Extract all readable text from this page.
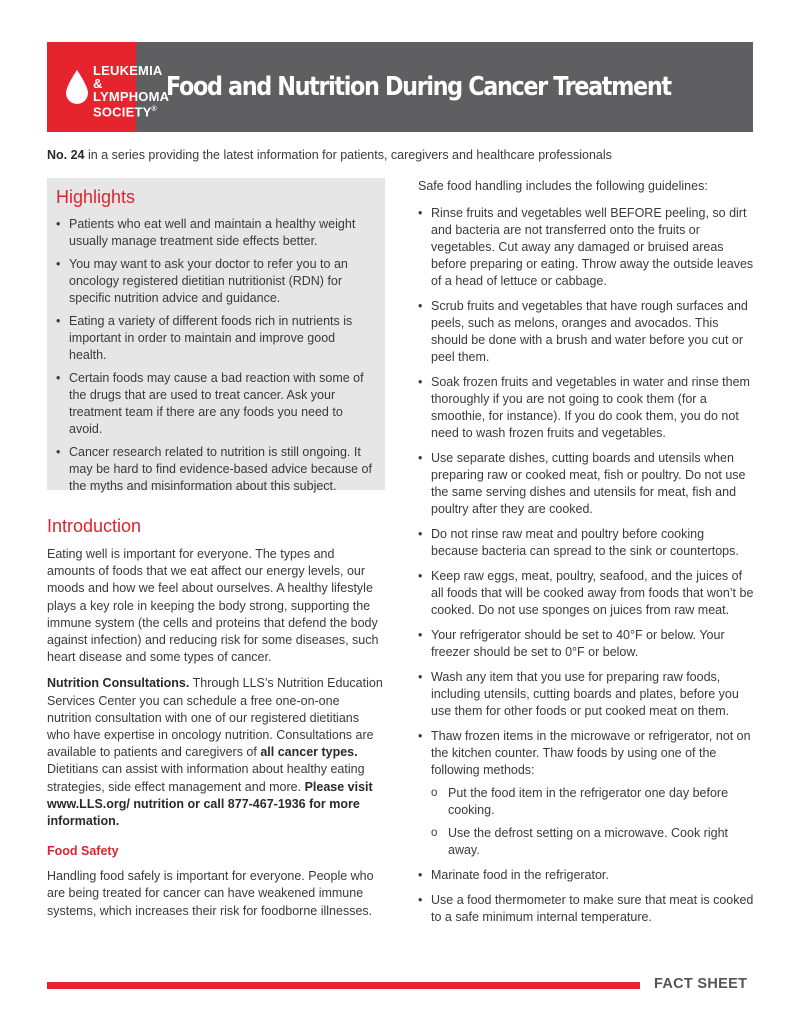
LEUKEMIA &
LYMPHOMA
SOCIETY®
Food and Nutrition During Cancer Treatment
No. 24 in a series providing the latest information for patients, caregivers and healthcare professionals
Highlights
• Patients who eat well and maintain a healthy weight usually manage treatment side effects better.
• You may want to ask your doctor to refer you to an oncology registered dietitian nutritionist (RDN) for specific nutrition advice and guidance.
• Eating a variety of different foods rich in nutrients is important in order to maintain and improve good health.
• Certain foods may cause a bad reaction with some of the drugs that are used to treat cancer. Ask your treatment team if there are any foods you need to avoid.
• Cancer research related to nutrition is still ongoing. It may be hard to find evidence-based advice because of the myths and misinformation about this subject.
Introduction

Eating well is important for everyone. The types and amounts of foods that we eat affect our energy levels, our moods and how we feel about ourselves. A healthy lifestyle plays a key role in keeping the body strong, supporting the immune system (the cells and proteins that defend the body against infection) and reducing risk for some diseases, such heart disease and some types of cancer.

Nutrition Consultations. Through LLS’s Nutrition Education Services Center you can schedule a free one-on-one nutrition consultation with one of our registered dietitians who have expertise in oncology nutrition. Consultations are available to patients and caregivers of all cancer types. Dietitians can assist with information about healthy eating strategies, side effect management and more. Please visit www.LLS.org/ nutrition or call 877-467-1936 for more information.

Food Safety

Handling food safely is important for everyone. People who are being treated for cancer can have weakened immune systems, which increases their risk for foodborne illnesses.

Safe food handling includes the following guidelines:
• Rinse fruits and vegetables well BEFORE peeling, so dirt and bacteria are not transferred onto the fruits or vegetables. Cut away any damaged or bruised areas before preparing or eating. Throw away the outside leaves of a head of lettuce or cabbage.
• Scrub fruits and vegetables that have rough surfaces and peels, such as melons, oranges and avocados. This should be done with a brush and water before you cut or peel them.
• Soak frozen fruits and vegetables in water and rinse them thoroughly if you are not going to cook them (for a smoothie, for instance). If you do cook them, you do not need to wash frozen fruits and vegetables.
• Use separate dishes, cutting boards and utensils when preparing raw or cooked meat, fish or poultry. Do not use the same serving dishes and utensils for meat, fish and poultry after they are cooked.
• Do not rinse raw meat and poultry before cooking because bacteria can spread to the sink or countertops.
• Keep raw eggs, meat, poultry, seafood, and the juices of all foods that will be cooked away from foods that won’t be cooked. Do not use sponges on juices from raw meat.
• Your refrigerator should be set to 40°F or below. Your freezer should be set to 0°F or below.
• Wash any item that you use for preparing raw foods, including utensils, cutting boards and plates, before you use them for other foods or put cooked meat on them.
• Thaw frozen items in the microwave or refrigerator, not on the kitchen counter. Thaw foods by using one of the following methods:
o Put the food item in the refrigerator one day before cooking.
o Use the defrost setting on a microwave. Cook right away.
• Marinate food in the refrigerator.
• Use a food thermometer to make sure that meat is cooked to a safe minimum internal temperature.
FACT SHEET
